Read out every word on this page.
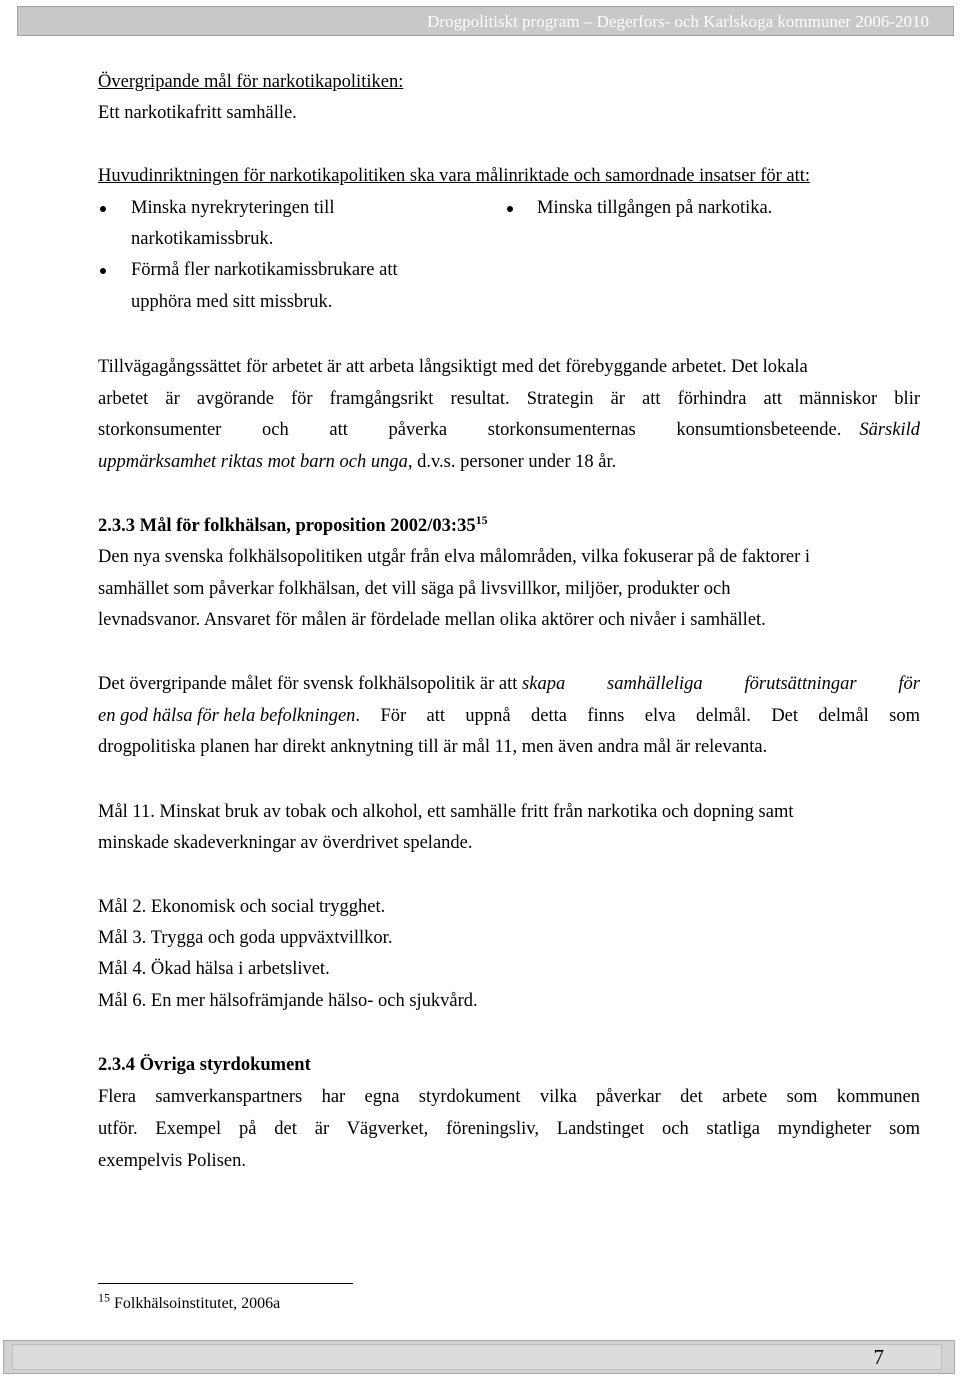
Drogpolitiskt program – Degerfors- och Karlskoga kommuner 2006-2010
Övergripande mål för narkotikapolitiken:
Ett narkotikafritt samhälle.
Huvudinriktningen för narkotikapolitiken ska vara målinriktade och samordnade insatser för att:
Minska nyrekryteringen till
narkotikamissbruk.
Förmå fler narkotikamissbrukare att
upphöra med sitt missbruk.
Minska tillgången på narkotika.
Tillvägagångssättet för arbetet är att arbeta långsiktigt med det förebyggande arbetet. Det lokala
arbetet är avgörande för framgångsrikt resultat. Strategin är att förhindra att människor blir
storkonsumenter och att påverka storkonsumenternas konsumtionsbeteende. Särskild
uppmärksamhet riktas mot barn och unga, d.v.s. personer under 18 år.
2.3.3 Mål för folkhälsan, proposition $2002/03:35^{15}$
Den nya svenska folkhälsopolitiken utgår från elva målområden, vilka fokuserar på de faktorer i
samhället som påverkar folkhälsan, det vill säga på livsvillkor, miljöer, produkter och
levnadsvanor. Ansvaret för målen är fördelade mellan olika aktörer och nivåer i samhället.
Det övergripande målet för svensk folkhälsopolitik är att skapa samhälleliga förutsättningar för
en god hälsa för hela befolkningen . För att uppnå detta finns elva delmål. Det delmål som
drogpolitiska planen har direkt anknytning till är mål 11, men även andra mål är relevanta.
Mål 11. Minskat bruk av tobak och alkohol, ett samhälle fritt från narkotika och dopning samt
minskade skadeverkningar av överdrivet spelande.
Mål 2. Ekonomisk och social trygghet.
Mål 3. Trygga och goda uppväxtvillkor.
Mål 4. Ökad hälsa i arbetslivet.
Mål 6. En mer hälsofrämjande hälso- och sjukvård.
2.3.4 Övriga styrdokument
Flera samverkanspartners har egna styrdokument vilka påverkar det arbete som kommunen
utför. Exempel på det är Vägverket, föreningsliv, Landstinget och statliga myndigheter som
exempelvis Polisen.
$^{15}$ Folkhälsoinstitutet, 2006a
7
